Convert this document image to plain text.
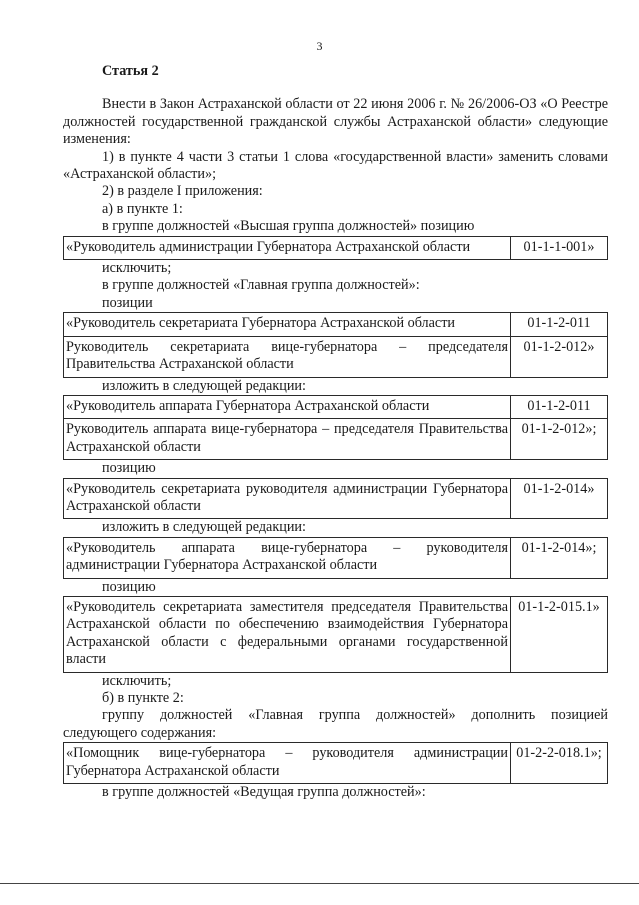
3
Статья 2
Внести в Закон Астраханской области от 22 июня 2006 г. № 26/2006-ОЗ «О Реестре должностей государственной гражданской службы Астраханской области» следующие изменения:
1) в пункте 4 части 3 статьи 1 слова «государственной власти» заменить словами «Астраханской области»;
2) в разделе I приложения:
а) в пункте 1:
в группе должностей «Высшая группа должностей» позицию
«Руководитель администрации Губернатора Астраханской области	01-1-1-001»
исключить;
в группе должностей «Главная группа должностей»:
позиции
«Руководитель секретариата Губернатора Астраханской области	01-1-2-011
Руководитель секретариата вице-губернатора – председателя Правительства Астраханской области	01-1-2-012»
изложить в следующей редакции:
«Руководитель аппарата Губернатора Астраханской области	01-1-2-011
Руководитель аппарата вице-губернатора – председателя Правительства Астраханской области	01-1-2-012»;
позицию
«Руководитель секретариата руководителя администрации Губернатора Астраханской области	01-1-2-014»
изложить в следующей редакции:
«Руководитель аппарата вице-губернатора – руководителя администрации Губернатора Астраханской области	01-1-2-014»;
позицию
«Руководитель секретариата заместителя председателя Правительства Астраханской области по обеспечению взаимодействия Губернатора Астраханской области с федеральными органами государственной власти	01-1-2-015.1»
исключить;
б) в пункте 2:
группу должностей «Главная группа должностей» дополнить позицией следующего содержания:
«Помощник вице-губернатора – руководителя администрации Губернатора Астраханской области	01-2-2-018.1»;
в группе должностей «Ведущая группа должностей»:
